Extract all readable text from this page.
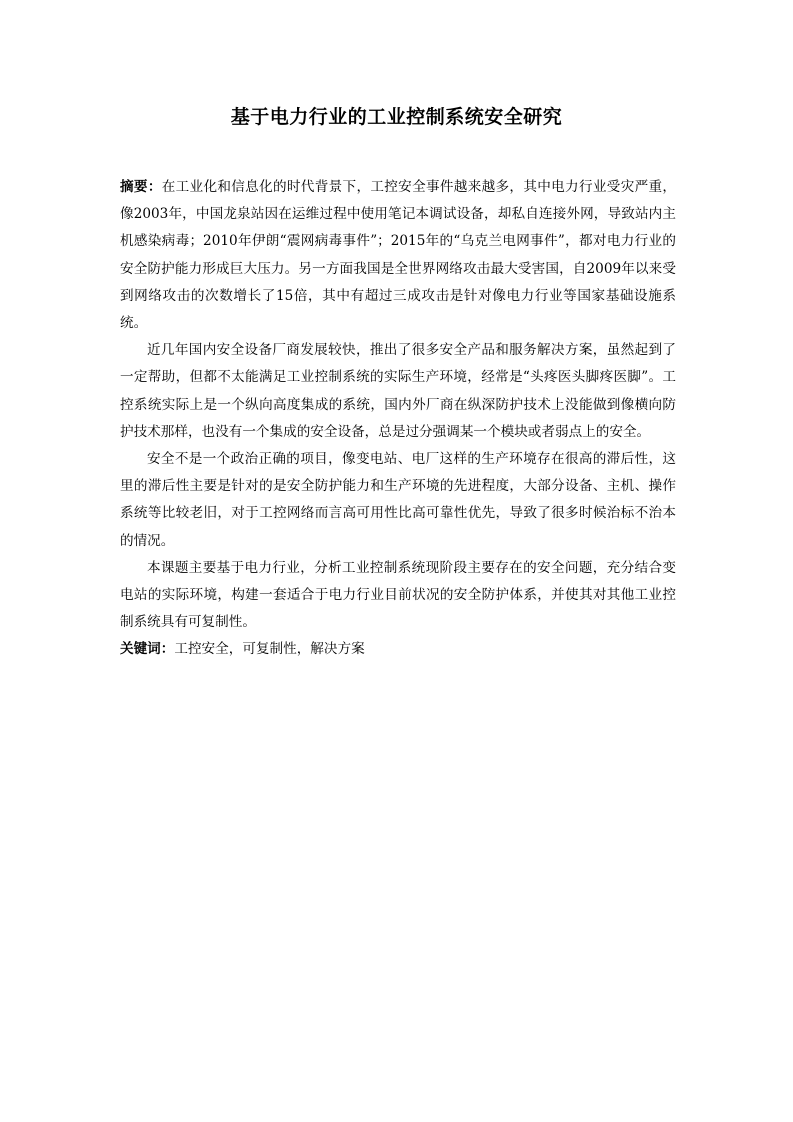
基于电力行业的工业控制系统安全研究

摘要：在工业化和信息化的时代背景下，工控安全事件越来越多，其中电力行业受灾严重，像2003年，中国龙泉站因在运维过程中使用笔记本调试设备，却私自连接外网，导致站内主机感染病毒；2010年伊朗“震网病毒事件”；2015年的“乌克兰电网事件”，都对电力行业的安全防护能力形成巨大压力。另一方面我国是全世界网络攻击最大受害国，自2009年以来受到网络攻击的次数增长了15倍，其中有超过三成攻击是针对像电力行业等国家基础设施系统。

近几年国内安全设备厂商发展较快，推出了很多安全产品和服务解决方案，虽然起到了一定帮助，但都不太能满足工业控制系统的实际生产环境，经常是“头疼医头脚疼医脚”。工控系统实际上是一个纵向高度集成的系统，国内外厂商在纵深防护技术上没能做到像横向防护技术那样，也没有一个集成的安全设备，总是过分强调某一个模块或者弱点上的安全。

安全不是一个政治正确的项目，像变电站、电厂这样的生产环境存在很高的滞后性，这里的滞后性主要是针对的是安全防护能力和生产环境的先进程度，大部分设备、主机、操作系统等比较老旧，对于工控网络而言高可用性比高可靠性优先，导致了很多时候治标不治本的情况。

本课题主要基于电力行业，分析工业控制系统现阶段主要存在的安全问题，充分结合变电站的实际环境，构建一套适合于电力行业目前状况的安全防护体系，并使其对其他工业控制系统具有可复制性。

关键词：工控安全，可复制性，解决方案
